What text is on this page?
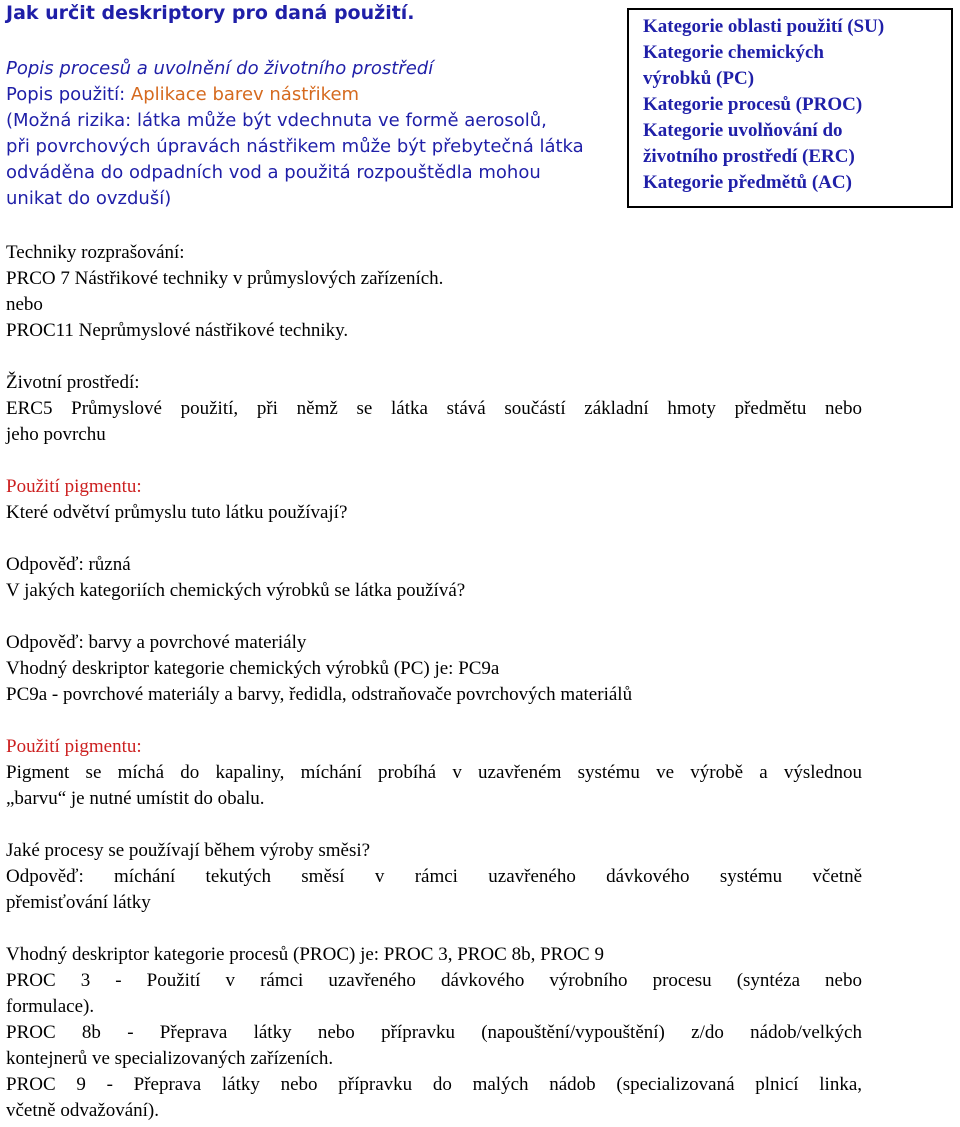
Jak určit deskriptory pro daná použití.
Popis procesů a uvolnění do životního prostředí
Popis použití: Aplikace barev nástřikem
(Možná rizika: látka může být vdechnuta ve formě aerosolů,
při povrchových úpravách nástřikem může být přebytečná látka
odváděna do odpadních vod a použitá rozpouštědla mohou
unikat do ovzduší)
Kategorie oblasti použití (SU)
Kategorie chemických
výrobků (PC)
Kategorie procesů (PROC)
Kategorie uvolňování do
životního prostředí (ERC)
Kategorie předmětů (AC)
Techniky rozprašování:
PRCO 7 Nástřikové techniky v průmyslových zařízeních.
nebo
PROC11 Neprůmyslové nástřikové techniky.
Životní prostředí:
ERC5 Průmyslové použití, při němž se látka stává součástí základní hmoty předmětu nebo
jeho povrchu
Použití pigmentu:
Které odvětví průmyslu tuto látku používají?
Odpověď: různá
V jakých kategoriích chemických výrobků se látka používá?
Odpověď: barvy a povrchové materiály
Vhodný deskriptor kategorie chemických výrobků (PC) je: PC9a
PC9a - povrchové materiály a barvy, ředidla, odstraňovače povrchových materiálů
Použití pigmentu:
Pigment se míchá do kapaliny, míchání probíhá v uzavřeném systému ve výrobě a výslednou
„barvu“ je nutné umístit do obalu.
Jaké procesy se používají během výroby směsi?
Odpověď: míchání tekutých směsí v rámci uzavřeného dávkového systému včetně
přemisťování látky
Vhodný deskriptor kategorie procesů (PROC) je: PROC 3, PROC 8b, PROC 9
PROC 3 - Použití v rámci uzavřeného dávkového výrobního procesu (syntéza nebo
formulace).
PROC 8b - Přeprava látky nebo přípravku (napouštění/vypouštění) z/do nádob/velkých
kontejnerů ve specializovaných zařízeních.
PROC 9 - Přeprava látky nebo přípravku do malých nádob (specializovaná plnicí linka,
včetně odvažování).
